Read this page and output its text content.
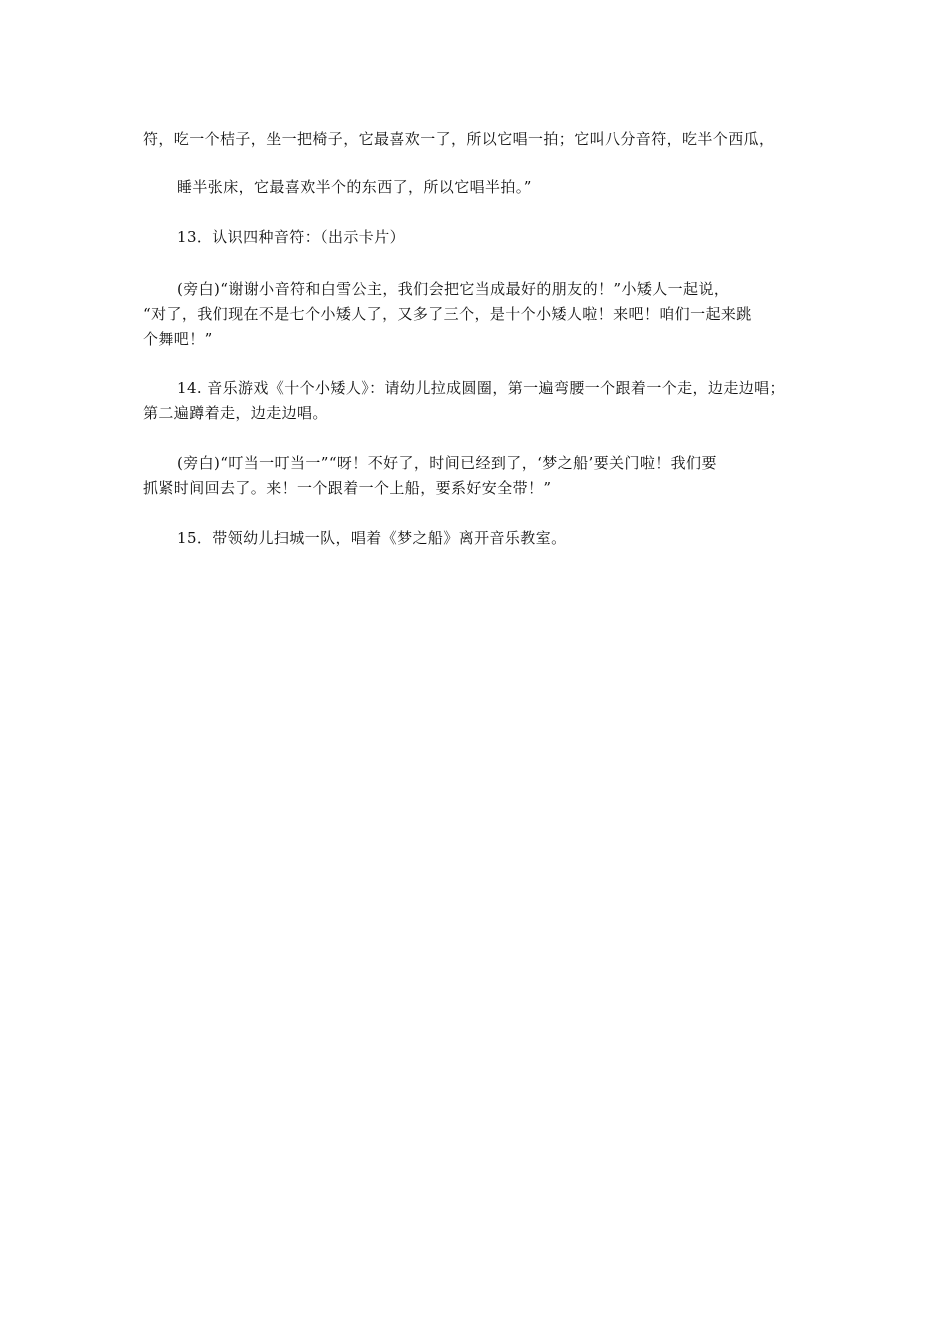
符，吃一个桔子，坐一把椅子，它最喜欢一了，所以它唱一拍；它叫八分音符，吃半个西瓜，
睡半张床，它最喜欢半个的东西了，所以它唱半拍。”
13．认识四种音符：（出示卡片）
(旁白)“谢谢小音符和白雪公主，我们会把它当成最好的朋友的！”小矮人一起说，
“对了，我们现在不是七个小矮人了，又多了三个，是十个小矮人啦！来吧！咱们一起来跳
个舞吧！”
14. 音乐游戏《十个小矮人》：请幼儿拉成圆圈，第一遍弯腰一个跟着一个走，边走边唱；
第二遍蹲着走，边走边唱。
(旁白)“叮当一叮当一”“呀！不好了，时间已经到了，‘梦之船’要关门啦！我们要
抓紧时间回去了。来！一个跟着一个上船，要系好安全带！”
15．带领幼儿扫城一队，唱着《梦之船》离开音乐教室。
